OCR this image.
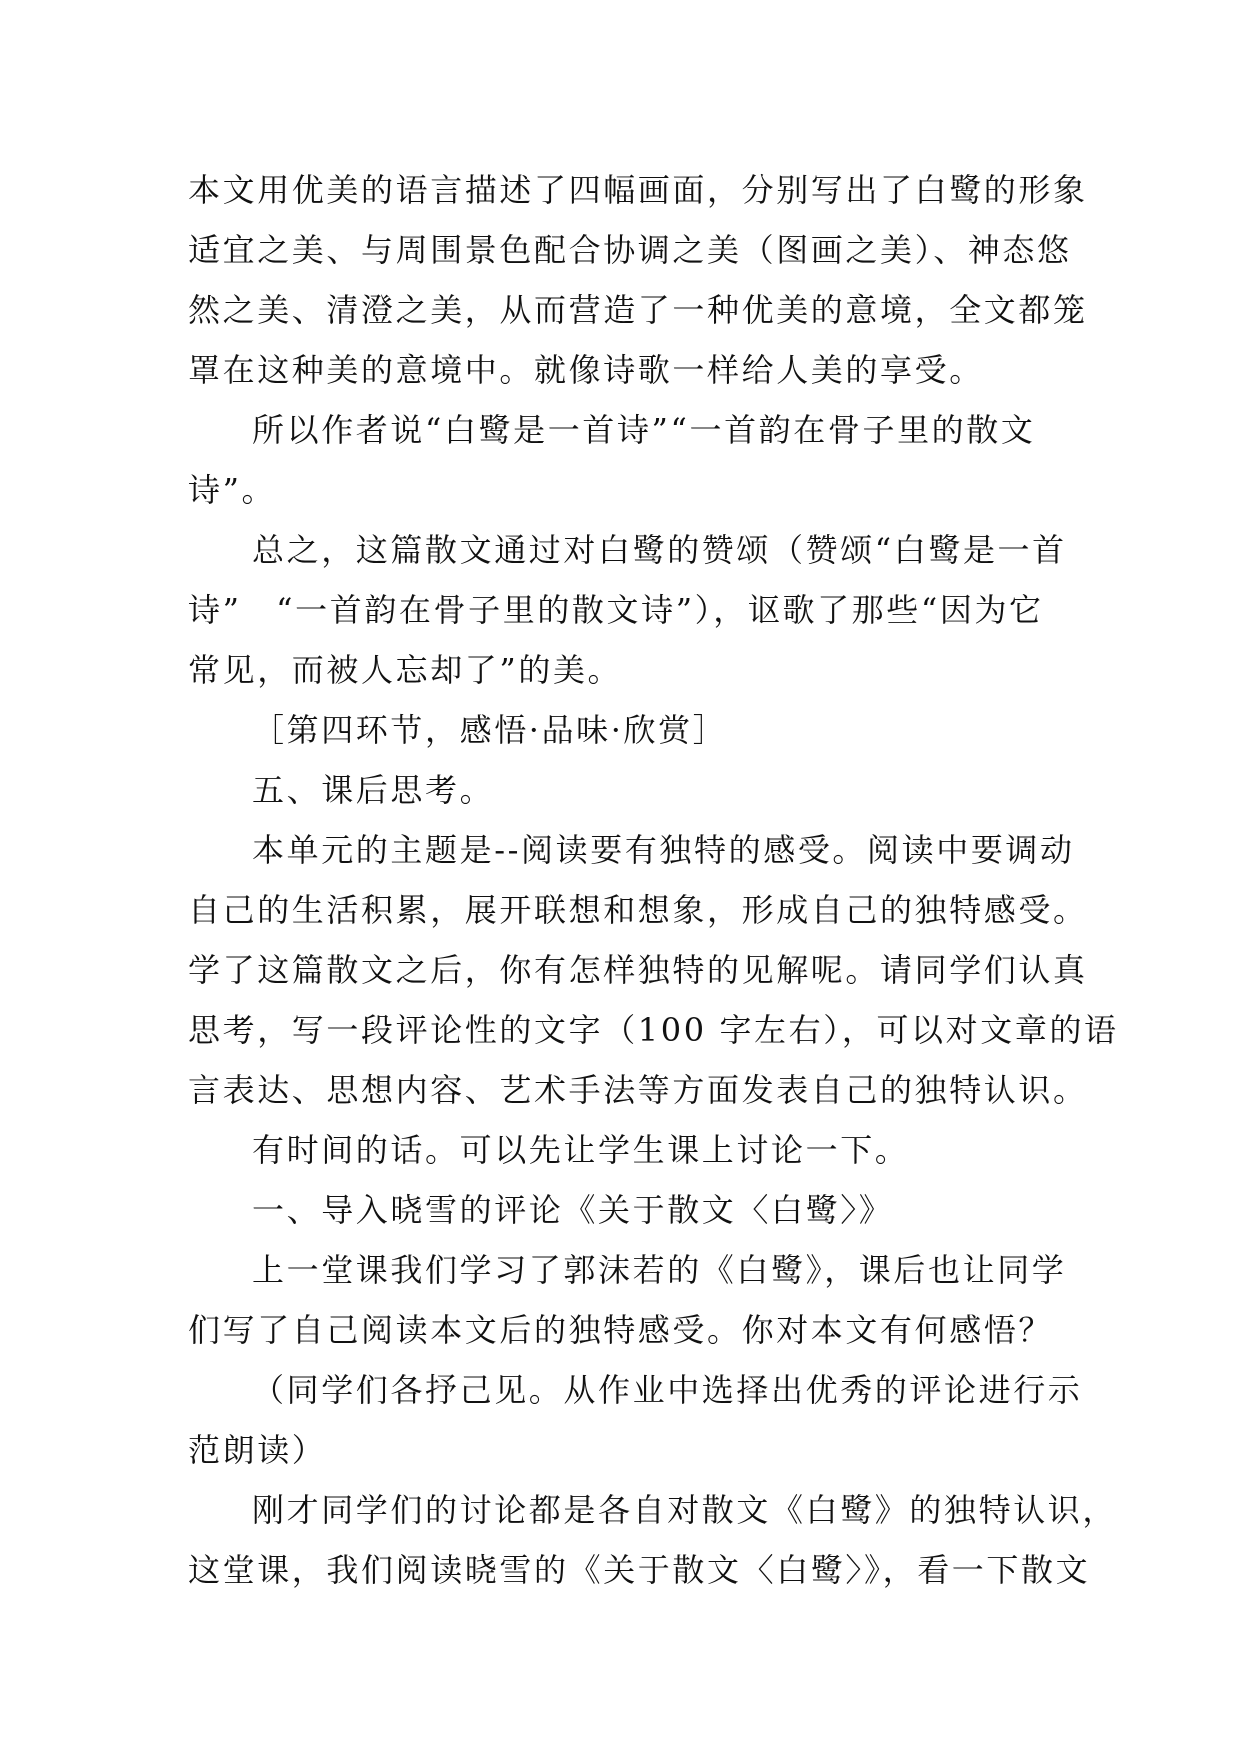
本文用优美的语言描述了四幅画面，分别写出了白鹭的形象
适宜之美、与周围景色配合协调之美（图画之美）、神态悠
然之美、清澄之美，从而营造了一种优美的意境，全文都笼
罩在这种美的意境中。就像诗歌一样给人美的享受。
所以作者说“白鹭是一首诗”“一首韵在骨子里的散文
诗”。
总之，这篇散文通过对白鹭的赞颂（赞颂“白鹭是一首
诗”　“一首韵在骨子里的散文诗”），讴歌了那些“因为它
常见，而被人忘却了”的美。
［第四环节，感悟·品味·欣赏］
五、课后思考。
本单元的主题是--阅读要有独特的感受。阅读中要调动
自己的生活积累，展开联想和想象，形成自己的独特感受。
学了这篇散文之后，你有怎样独特的见解呢。请同学们认真
思考，写一段评论性的文字（100 字左右），可以对文章的语
言表达、思想内容、艺术手法等方面发表自己的独特认识。
有时间的话。可以先让学生课上讨论一下。
一、导入晓雪的评论《关于散文〈白鹭〉》
上一堂课我们学习了郭沫若的《白鹭》，课后也让同学
们写了自己阅读本文后的独特感受。你对本文有何感悟？
（同学们各抒己见。从作业中选择出优秀的评论进行示
范朗读）
刚才同学们的讨论都是各自对散文《白鹭》的独特认识，
这堂课，我们阅读晓雪的《关于散文〈白鹭〉》，看一下散文
